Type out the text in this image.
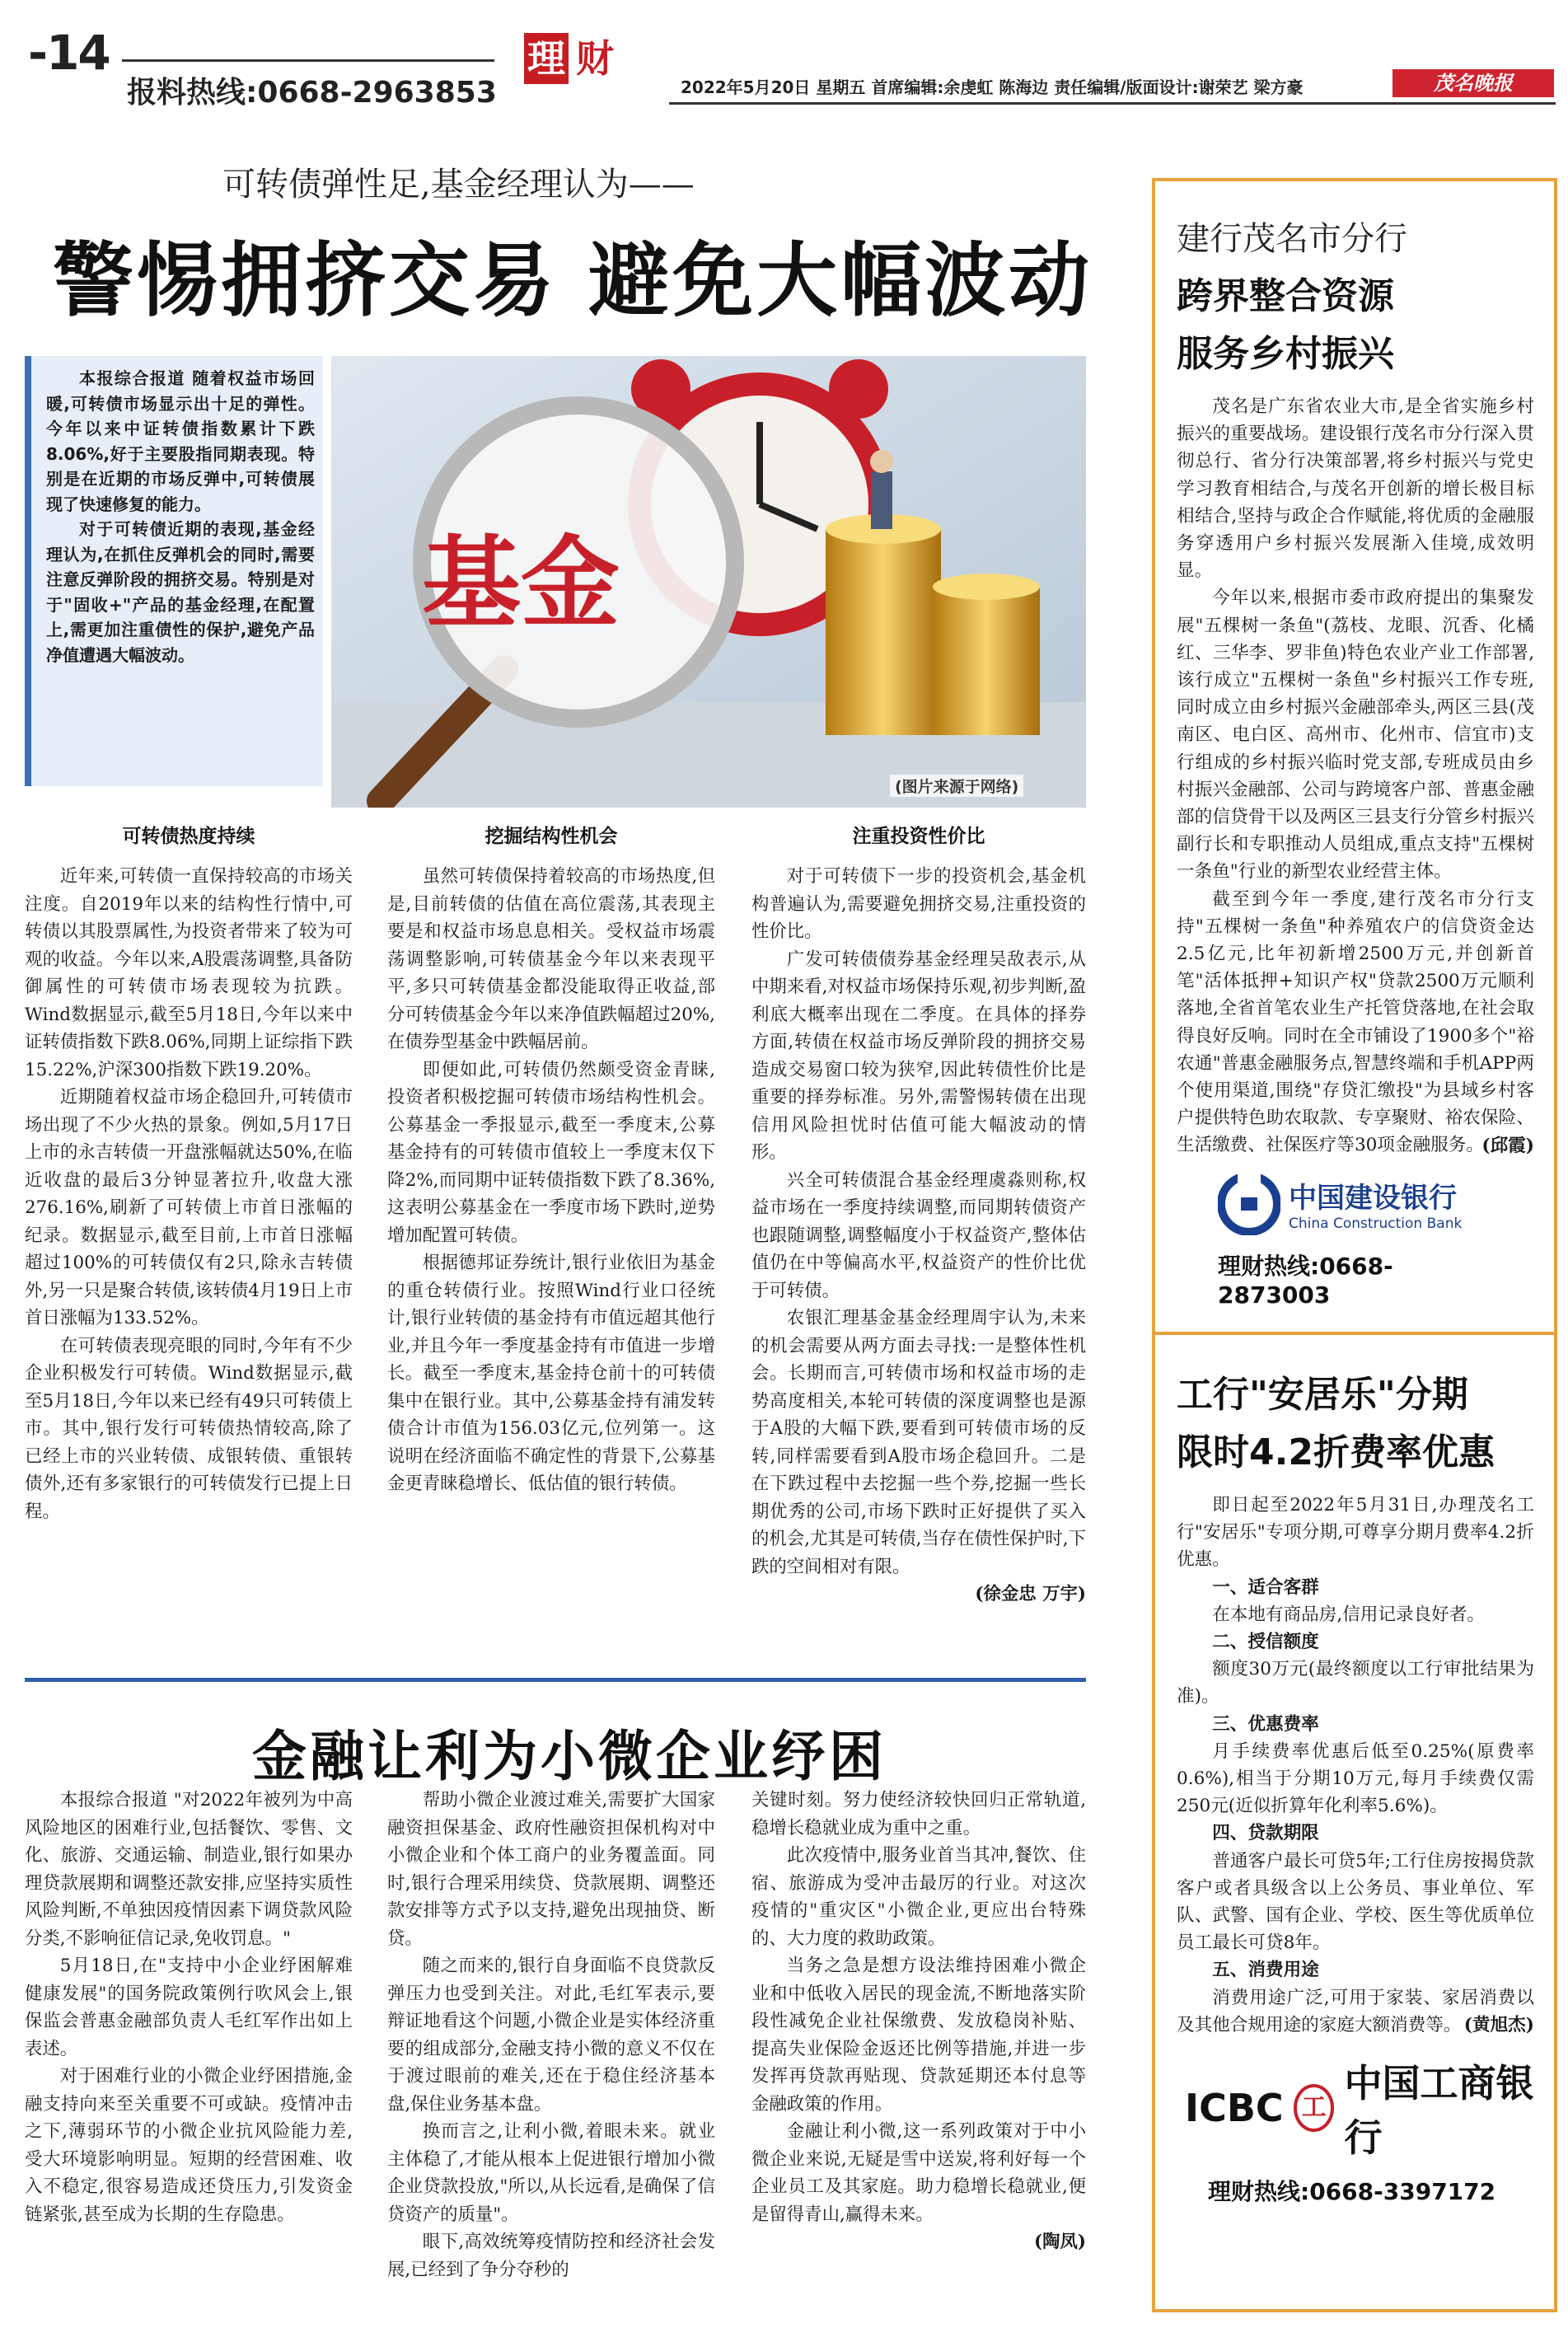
-14
报料热线:0668-2963853
理 财
2022年5月20日 星期五 首席编辑:余虔虹 陈海边 责任编辑/版面设计:谢荣艺 梁方豪	茂名晚报
可转债弹性足,基金经理认为——
警惕拥挤交易 避免大幅波动

本报综合报道 随着权益市场回暖,可转债市场显示出十足的弹性。今年以来中证转债指数累计下跌8.06%,好于主要股指同期表现。特别是在近期的市场反弹中,可转债展现了快速修复的能力。

对于可转债近期的表现,基金经理认为,在抓住反弹机会的同时,需要注意反弹阶段的拥挤交易。特别是对于"固收+"产品的基金经理,在配置上,需更加注重债性的保护,避免产品净值遭遇大幅波动。

基金
(图片来源于网络)
可转债热度持续

近年来,可转债一直保持较高的市场关注度。自2019年以来的结构性行情中,可转债以其股票属性,为投资者带来了较为可观的收益。今年以来,A股震荡调整,具备防御属性的可转债市场表现较为抗跌。Wind数据显示,截至5月18日,今年以来中证转债指数下跌8.06%,同期上证综指下跌15.22%,沪深300指数下跌19.20%。

近期随着权益市场企稳回升,可转债市场出现了不少火热的景象。例如,5月17日上市的永吉转债一开盘涨幅就达50%,在临近收盘的最后3分钟显著拉升,收盘大涨276.16%,刷新了可转债上市首日涨幅的纪录。数据显示,截至目前,上市首日涨幅超过100%的可转债仅有2只,除永吉转债外,另一只是聚合转债,该转债4月19日上市首日涨幅为133.52%。

在可转债表现亮眼的同时,今年有不少企业积极发行可转债。Wind数据显示,截至5月18日,今年以来已经有49只可转债上市。其中,银行发行可转债热情较高,除了已经上市的兴业转债、成银转债、重银转债外,还有多家银行的可转债发行已提上日程。

挖掘结构性机会

虽然可转债保持着较高的市场热度,但是,目前转债的估值在高位震荡,其表现主要是和权益市场息息相关。受权益市场震荡调整影响,可转债基金今年以来表现平平,多只可转债基金都没能取得正收益,部分可转债基金今年以来净值跌幅超过20%,在债券型基金中跌幅居前。

即便如此,可转债仍然颇受资金青睐,投资者积极挖掘可转债市场结构性机会。公募基金一季报显示,截至一季度末,公募基金持有的可转债市值较上一季度末仅下降2%,而同期中证转债指数下跌了8.36%,这表明公募基金在一季度市场下跌时,逆势增加配置可转债。

根据德邦证券统计,银行业依旧为基金的重仓转债行业。按照Wind行业口径统计,银行业转债的基金持有市值远超其他行业,并且今年一季度基金持有市值进一步增长。截至一季度末,基金持仓前十的可转债集中在银行业。其中,公募基金持有浦发转债合计市值为156.03亿元,位列第一。这说明在经济面临不确定性的背景下,公募基金更青睐稳增长、低估值的银行转债。

注重投资性价比

对于可转债下一步的投资机会,基金机构普遍认为,需要避免拥挤交易,注重投资的性价比。

广发可转债债券基金经理吴敌表示,从中期来看,对权益市场保持乐观,初步判断,盈利底大概率出现在二季度。在具体的择券方面,转债在权益市场反弹阶段的拥挤交易造成交易窗口较为狭窄,因此转债性价比是重要的择券标准。另外,需警惕转债在出现信用风险担忧时估值可能大幅波动的情形。

兴全可转债混合基金经理虞淼则称,权益市场在一季度持续调整,而同期转债资产也跟随调整,调整幅度小于权益资产,整体估值仍在中等偏高水平,权益资产的性价比优于可转债。

农银汇理基金基金经理周宇认为,未来的机会需要从两方面去寻找:一是整体性机会。长期而言,可转债市场和权益市场的走势高度相关,本轮可转债的深度调整也是源于A股的大幅下跌,要看到可转债市场的反转,同样需要看到A股市场企稳回升。二是在下跌过程中去挖掘一些个券,挖掘一些长期优秀的公司,市场下跌时正好提供了买入的机会,尤其是可转债,当存在债性保护时,下跌的空间相对有限。

(徐金忠 万宇)
金融让利为小微企业纾困

本报综合报道 "对2022年被列为中高风险地区的困难行业,包括餐饮、零售、文化、旅游、交通运输、制造业,银行如果办理贷款展期和调整还款安排,应坚持实质性风险判断,不单独因疫情因素下调贷款风险分类,不影响征信记录,免收罚息。"

5月18日,在"支持中小企业纾困解难健康发展"的国务院政策例行吹风会上,银保监会普惠金融部负责人毛红军作出如上表述。

对于困难行业的小微企业纾困措施,金融支持向来至关重要不可或缺。疫情冲击之下,薄弱环节的小微企业抗风险能力差,受大环境影响明显。短期的经营困难、收入不稳定,很容易造成还贷压力,引发资金链紧张,甚至成为长期的生存隐患。

帮助小微企业渡过难关,需要扩大国家融资担保基金、政府性融资担保机构对中小微企业和个体工商户的业务覆盖面。同时,银行合理采用续贷、贷款展期、调整还款安排等方式予以支持,避免出现抽贷、断贷。

随之而来的,银行自身面临不良贷款反弹压力也受到关注。对此,毛红军表示,要辩证地看这个问题,小微企业是实体经济重要的组成部分,金融支持小微的意义不仅在于渡过眼前的难关,还在于稳住经济基本盘,保住业务基本盘。

换而言之,让利小微,着眼未来。就业主体稳了,才能从根本上促进银行增加小微企业贷款投放,"所以,从长远看,是确保了信贷资产的质量"。

眼下,高效统筹疫情防控和经济社会发展,已经到了争分夺秒的

关键时刻。努力使经济较快回归正常轨道,稳增长稳就业成为重中之重。

此次疫情中,服务业首当其冲,餐饮、住宿、旅游成为受冲击最厉的行业。对这次疫情的"重灾区"小微企业,更应出台特殊的、大力度的救助政策。

当务之急是想方设法维持困难小微企业和中低收入居民的现金流,不断地落实阶段性减免企业社保缴费、发放稳岗补贴、提高失业保险金返还比例等措施,并进一步发挥再贷款再贴现、贷款延期还本付息等金融政策的作用。

金融让利小微,这一系列政策对于中小微企业来说,无疑是雪中送炭,将利好每一个企业员工及其家庭。助力稳增长稳就业,便是留得青山,赢得未来。

(陶凤)
建行茂名市分行
跨界整合资源
服务乡村振兴

茂名是广东省农业大市,是全省实施乡村振兴的重要战场。建设银行茂名市分行深入贯彻总行、省分行决策部署,将乡村振兴与党史学习教育相结合,与茂名开创新的增长极目标相结合,坚持与政企合作赋能,将优质的金融服务穿透用户乡村振兴发展渐入佳境,成效明显。

今年以来,根据市委市政府提出的集聚发展"五棵树一条鱼"(荔枝、龙眼、沉香、化橘红、三华李、罗非鱼)特色农业产业工作部署,该行成立"五棵树一条鱼"乡村振兴工作专班,同时成立由乡村振兴金融部牵头,两区三县(茂南区、电白区、高州市、化州市、信宜市)支行组成的乡村振兴临时党支部,专班成员由乡村振兴金融部、公司与跨境客户部、普惠金融部的信贷骨干以及两区三县支行分管乡村振兴副行长和专职推动人员组成,重点支持"五棵树一条鱼"行业的新型农业经营主体。

截至到今年一季度,建行茂名市分行支持"五棵树一条鱼"种养殖农户的信贷资金达2.5亿元,比年初新增2500万元,并创新首笔"活体抵押+知识产权"贷款2500万元顺利落地,全省首笔农业生产托管贷落地,在社会取得良好反响。同时在全市铺设了1900多个"裕农通"普惠金融服务点,智慧终端和手机APP两个使用渠道,围绕"存贷汇缴投"为县域乡村客户提供特色助农取款、专享聚财、裕农保险、生活缴费、社保医疗等30项金融服务。

(邱霞)
中国建设银行
China Construction Bank
理财热线:0668-2873003
工行"安居乐"分期
限时4.2折费率优惠

即日起至2022年5月31日,办理茂名工行"安居乐"专项分期,可尊享分期月费率4.2折优惠。

一、适合客群

在本地有商品房,信用记录良好者。

二、授信额度

额度30万元(最终额度以工行审批结果为准)。

三、优惠费率

月手续费率优惠后低至0.25%(原费率0.6%),相当于分期10万元,每月手续费仅需250元(近似折算年化利率5.6%)。

四、贷款期限

普通客户最长可贷5年;工行住房按揭贷款客户或者具级含以上公务员、事业单位、军队、武警、国有企业、学校、医生等优质单位员工最长可贷8年。

五、消费用途

消费用途广泛,可用于家装、家居消费以及其他合规用途的家庭大额消费等。 (黄旭杰)
ICBC 工
中国工商银行
理财热线:0668-3397172
